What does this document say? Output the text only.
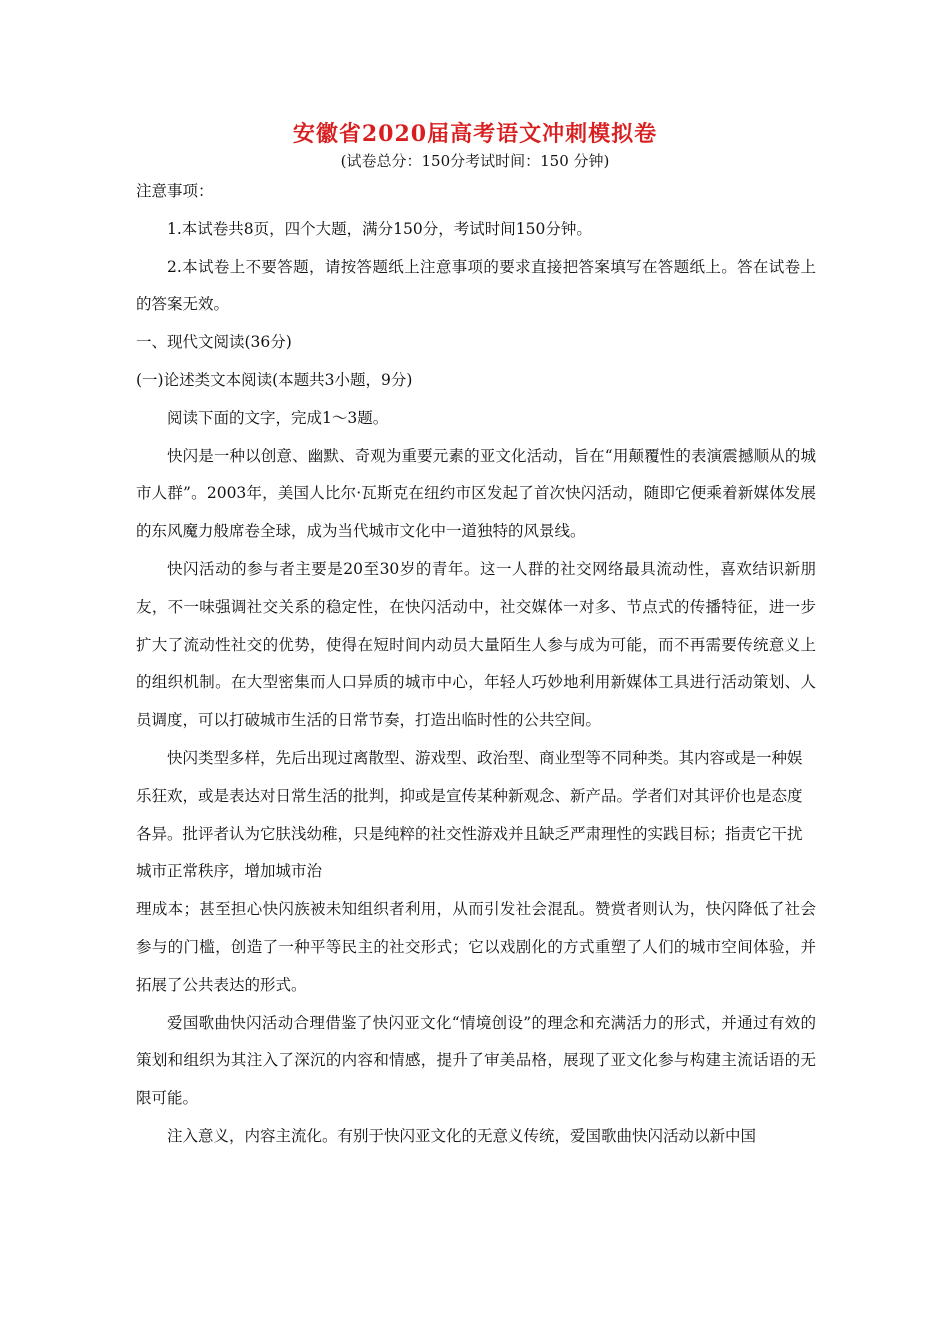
安徽省2020届高考语文冲刺模拟卷
(试卷总分：150分考试时间：150 分钟)

注意事项：

1.本试卷共8页，四个大题，满分150分，考试时间150分钟。

2.本试卷上不要答题，请按答题纸上注意事项的要求直接把答案填写在答题纸上。答在试卷上的答案无效。

一、现代文阅读(36分)

(一)论述类文本阅读(本题共3小题，9分)

阅读下面的文字，完成1～3题。

快闪是一种以创意、幽默、奇观为重要元素的亚文化活动，旨在“用颠覆性的表演震撼顺从的城市人群”。2003年，美国人比尔·瓦斯克在纽约市区发起了首次快闪活动，随即它便乘着新媒体发展的东风魔力般席卷全球，成为当代城市文化中一道独特的风景线。

快闪活动的参与者主要是20至30岁的青年。这一人群的社交网络最具流动性，喜欢结识新朋友，不一味强调社交关系的稳定性，在快闪活动中，社交媒体一对多、节点式的传播特征，进一步扩大了流动性社交的优势，使得在短时间内动员大量陌生人参与成为可能，而不再需要传统意义上的组织机制。在大型密集而人口异质的城市中心，年轻人巧妙地利用新媒体工具进行活动策划、人员调度，可以打破城市生活的日常节奏，打造出临时性的公共空间。

快闪类型多样，先后出现过离散型、游戏型、政治型、商业型等不同种类。其内容或是一种娱乐狂欢，或是表达对日常生活的批判，抑或是宣传某种新观念、新产品。学者们对其评价也是态度各异。批评者认为它肤浅幼稚，只是纯粹的社交性游戏并且缺乏严肃理性的实践目标；指责它干扰城市正常秩序，增加城市治

理成本；甚至担心快闪族被未知组织者利用，从而引发社会混乱。赞赏者则认为，快闪降低了社会参与的门槛，创造了一种平等民主的社交形式；它以戏剧化的方式重塑了人们的城市空间体验，并拓展了公共表达的形式。

爱国歌曲快闪活动合理借鉴了快闪亚文化“情境创设”的理念和充满活力的形式，并通过有效的策划和组织为其注入了深沉的内容和情感，提升了审美品格，展现了亚文化参与构建主流话语的无限可能。

注入意义，内容主流化。有别于快闪亚文化的无意义传统，爱国歌曲快闪活动以新中国
